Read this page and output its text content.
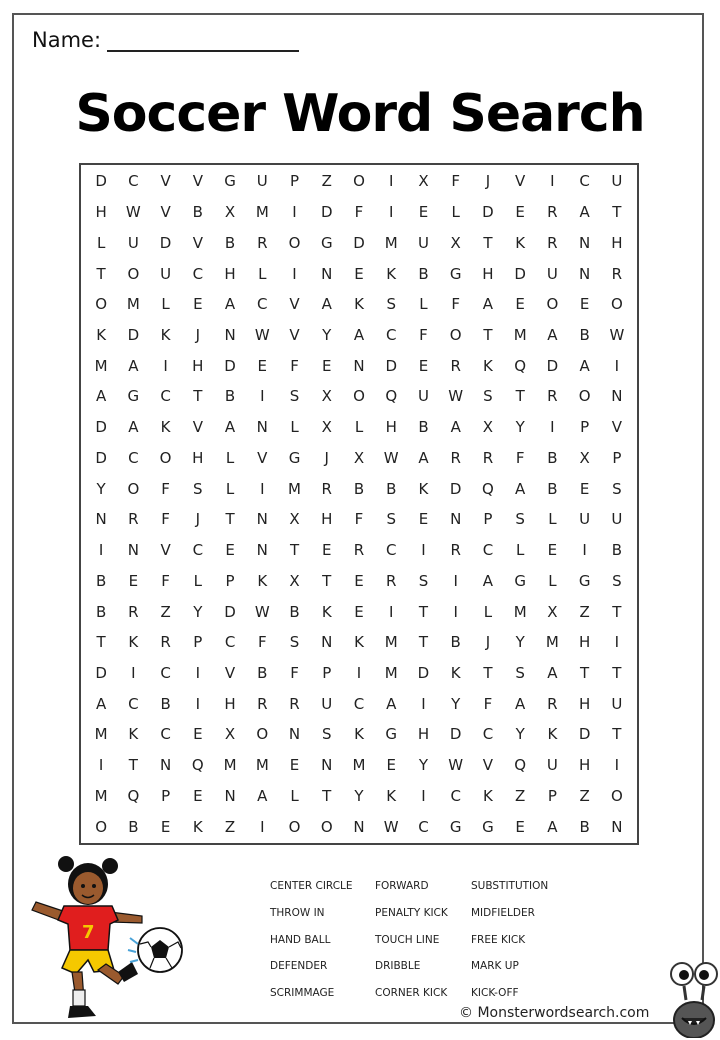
Name:
Soccer Word Search
D	C	V	V	G	U	P	Z	O	I	X	F	J	V	I	C	U
H	W	V	B	X	M	I	D	F	I	E	L	D	E	R	A	T
L	U	D	V	B	R	O	G	D	M	U	X	T	K	R	N	H
T	O	U	C	H	L	I	N	E	K	B	G	H	D	U	N	R
O	M	L	E	A	C	V	A	K	S	L	F	A	E	O	E	O
K	D	K	J	N	W	V	Y	A	C	F	O	T	M	A	B	W
M	A	I	H	D	E	F	E	N	D	E	R	K	Q	D	A	I
A	G	C	T	B	I	S	X	O	Q	U	W	S	T	R	O	N
D	A	K	V	A	N	L	X	L	H	B	A	X	Y	I	P	V
D	C	O	H	L	V	G	J	X	W	A	R	R	F	B	X	P
Y	O	F	S	L	I	M	R	B	B	K	D	Q	A	B	E	S
N	R	F	J	T	N	X	H	F	S	E	N	P	S	L	U	U
I	N	V	C	E	N	T	E	R	C	I	R	C	L	E	I	B
B	E	F	L	P	K	X	T	E	R	S	I	A	G	L	G	S
B	R	Z	Y	D	W	B	K	E	I	T	I	L	M	X	Z	T
T	K	R	P	C	F	S	N	K	M	T	B	J	Y	M	H	I
D	I	C	I	V	B	F	P	I	M	D	K	T	S	A	T	T
A	C	B	I	H	R	R	U	C	A	I	Y	F	A	R	H	U
M	K	C	E	X	O	N	S	K	G	H	D	C	Y	K	D	T
I	T	N	Q	M	M	E	N	M	E	Y	W	V	Q	U	H	I
M	Q	P	E	N	A	L	T	Y	K	I	C	K	Z	P	Z	O
O	B	E	K	Z	I	O	O	N	W	C	G	G	E	A	B	N
CENTER CIRCLE	FORWARD	SUBSTITUTION
THROW IN	PENALTY KICK	MIDFIELDER
HAND BALL	TOUCH LINE	FREE KICK
DEFENDER	DRIBBLE	MARK UP
SCRIMMAGE	CORNER KICK	KICK-OFF
7
© Monsterwordsearch.com
